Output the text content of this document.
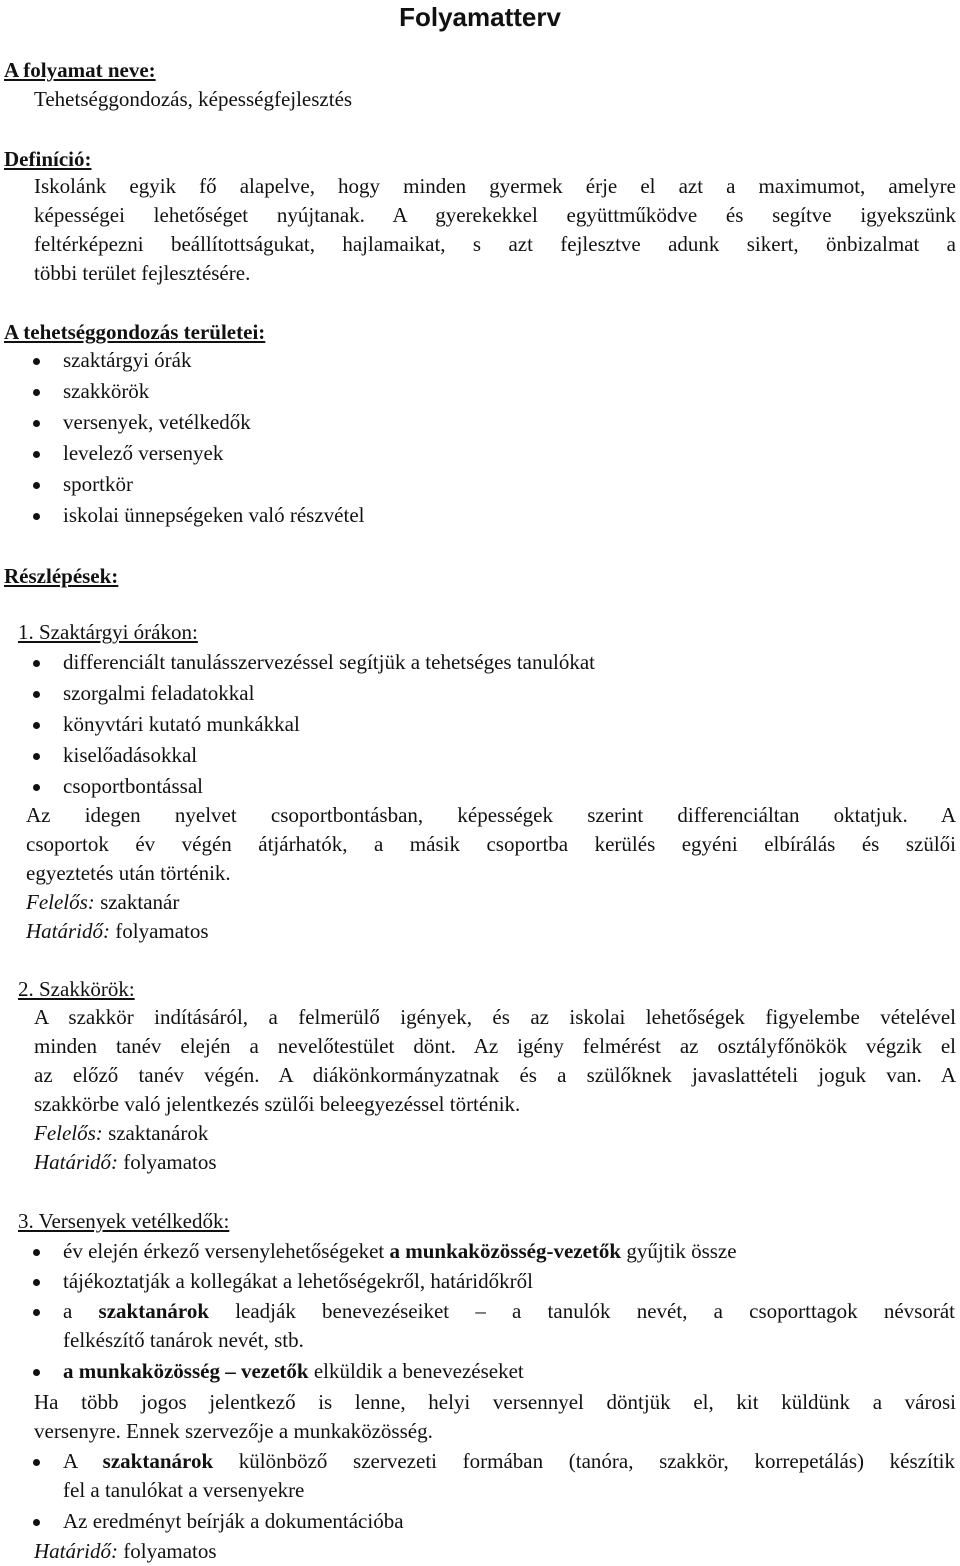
Folyamatterv
A folyamat neve:
Tehetséggondozás, képességfejlesztés
Definíció:
Iskolánk egyik fő alapelve, hogy minden gyermek érje el azt a maximumot, amelyre
képességei lehetőséget nyújtanak. A gyerekekkel együttműködve és segítve igyekszünk
feltérképezni beállítottságukat, hajlamaikat, s azt fejlesztve adunk sikert, önbizalmat a
többi terület fejlesztésére.
A tehetséggondozás területei:
szaktárgyi órák
szakkörök
versenyek, vetélkedők
levelező versenyek
sportkör
iskolai ünnepségeken való részvétel
Részlépések:
1. Szaktárgyi órákon:
differenciált tanulásszervezéssel segítjük a tehetséges tanulókat
szorgalmi feladatokkal
könyvtári kutató munkákkal
kiselőadásokkal
csoportbontással
Az idegen nyelvet csoportbontásban, képességek szerint differenciáltan oktatjuk. A
csoportok év végén átjárhatók, a másik csoportba kerülés egyéni elbírálás és szülői
egyeztetés után történik.
Felelős: szaktanár
Határidő: folyamatos
2. Szakkörök:
A szakkör indításáról, a felmerülő igények, és az iskolai lehetőségek figyelembe vételével
minden tanév elején a nevelőtestület dönt. Az igény felmérést az osztályfőnökök végzik el
az előző tanév végén. A diákönkormányzatnak és a szülőknek javaslattételi joguk van. A
szakkörbe való jelentkezés szülői beleegyezéssel történik.
Felelős: szaktanárok
Határidő: folyamatos
3. Versenyek vetélkedők:
év elején érkező versenylehetőségeket a munkaközösség-vezetők gyűjtik össze
tájékoztatják a kollegákat a lehetőségekről, határidőkről
a szaktanárok leadják benevezéseiket – a tanulók nevét, a csoporttagok névsorát
felkészítő tanárok nevét, stb.
a munkaközösség – vezetők elküldik a benevezéseket
Ha több jogos jelentkező is lenne, helyi versennyel döntjük el, kit küldünk a városi
versenyre. Ennek szervezője a munkaközösség.
A szaktanárok különböző szervezeti formában (tanóra, szakkör, korrepetálás) készítik
fel a tanulókat a versenyekre
Az eredményt beírják a dokumentációba
Határidő: folyamatos
